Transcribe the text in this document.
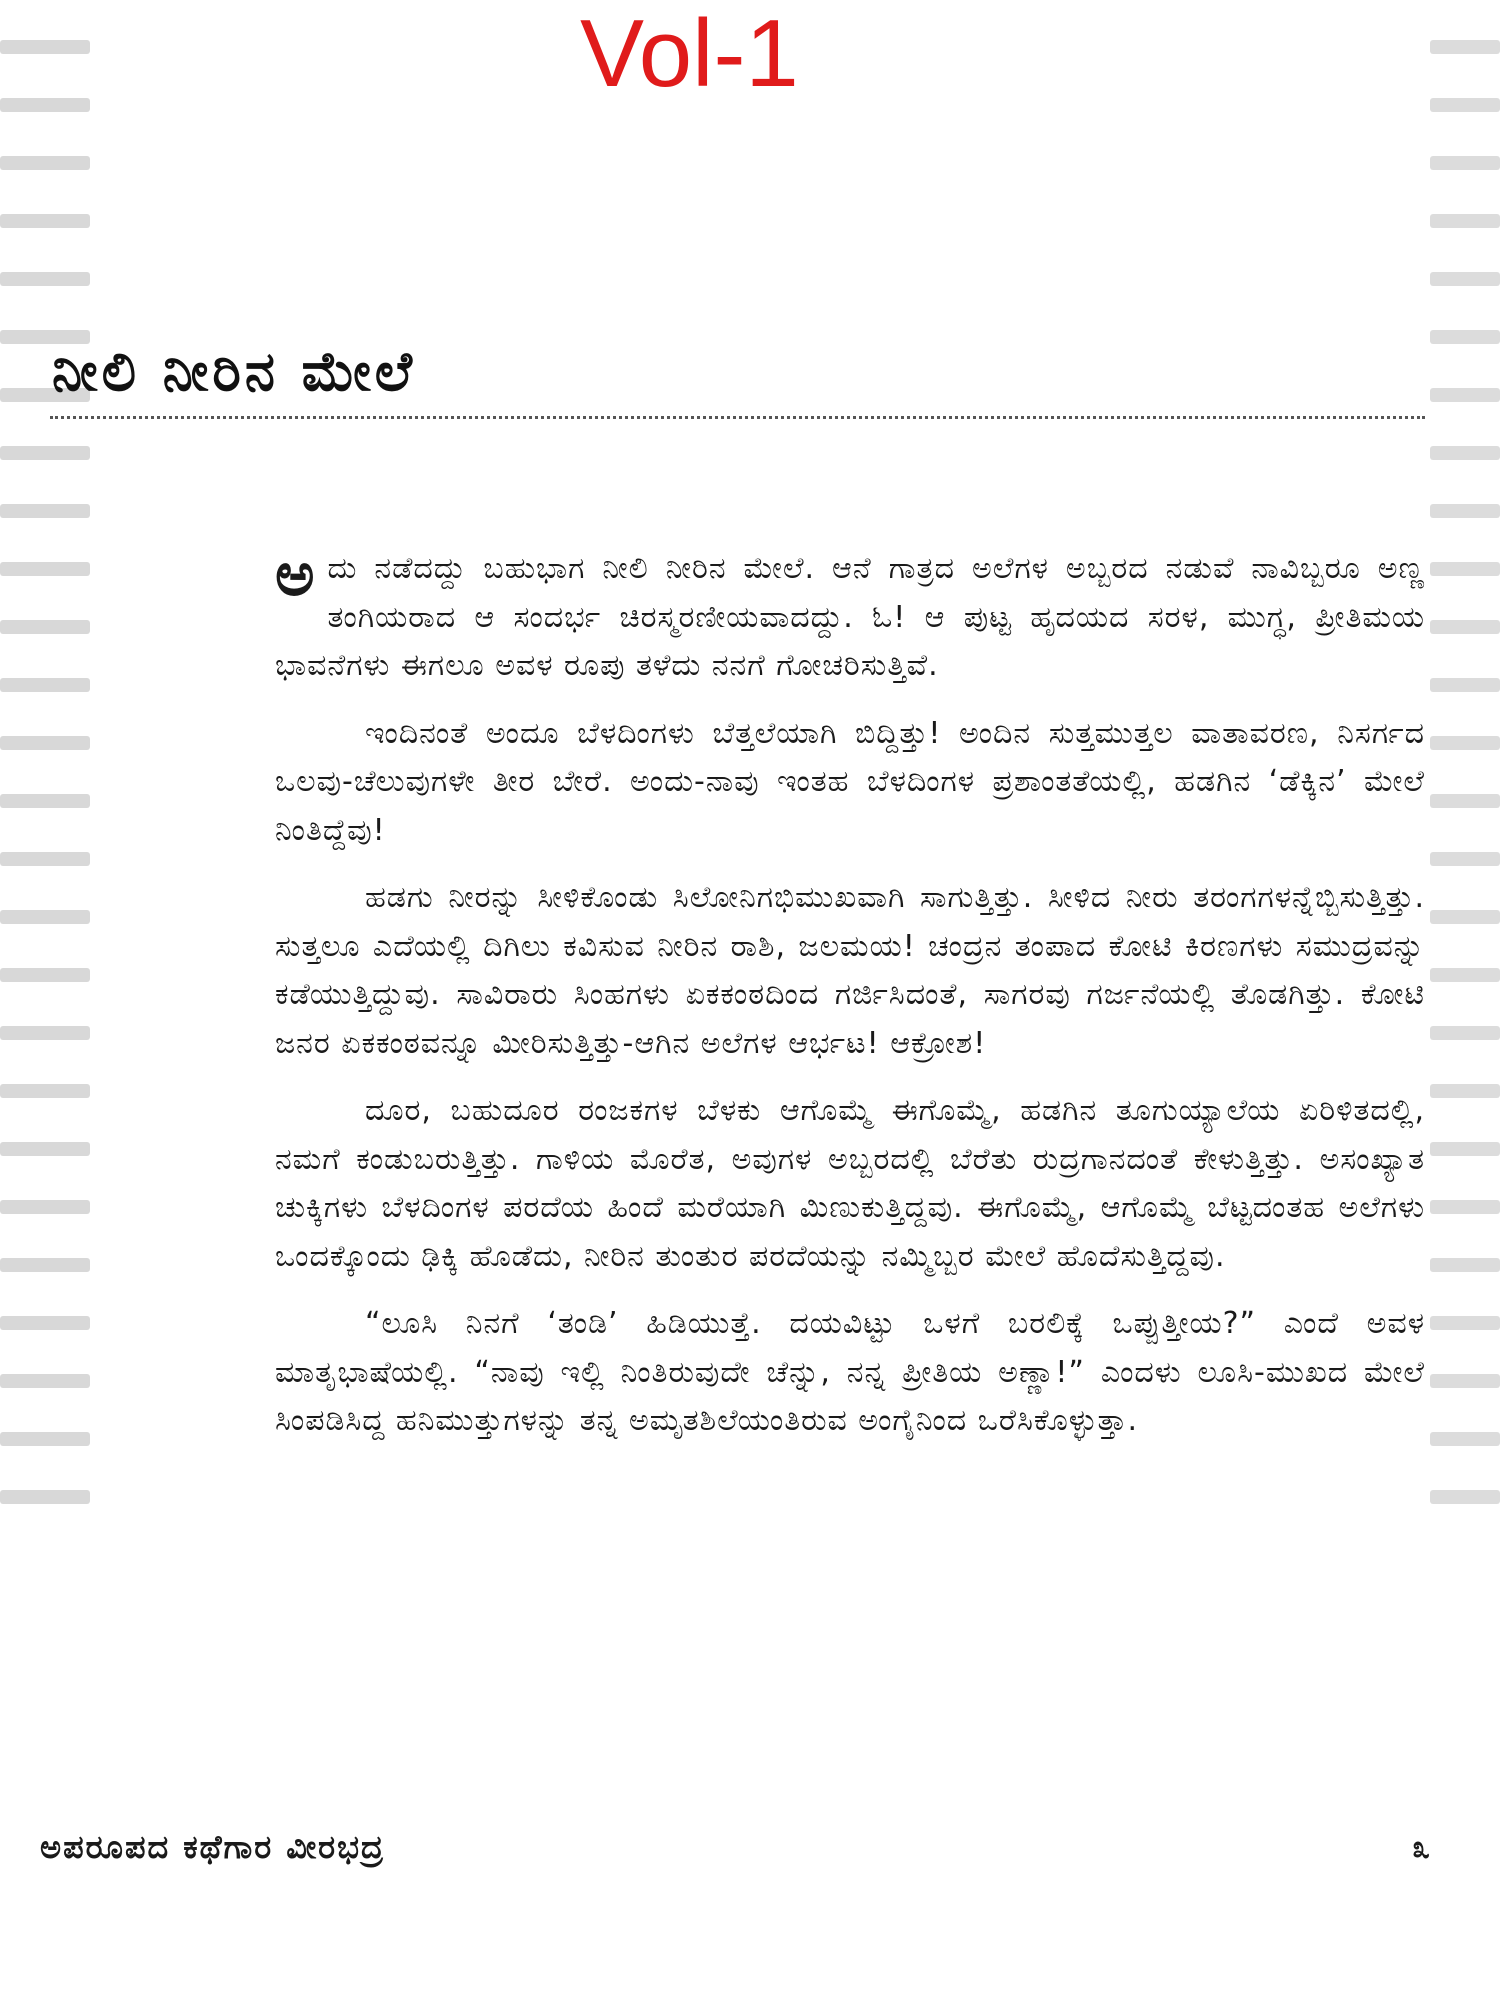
Vol-1
ನೀಲಿ ನೀರಿನ ಮೇಲೆ

ಅದು ನಡೆದದ್ದು ಬಹುಭಾಗ ನೀಲಿ ನೀರಿನ ಮೇಲೆ. ಆನೆ ಗಾತ್ರದ ಅಲೆಗಳ ಅಬ್ಬರದ ನಡುವೆ ನಾವಿಬ್ಬರೂ ಅಣ್ಣ ತಂಗಿಯರಾದ ಆ ಸಂದರ್ಭ ಚಿರಸ್ಮರಣೀಯವಾದದ್ದು. ಓ! ಆ ಪುಟ್ಟ ಹೃದಯದ ಸರಳ, ಮುಗ್ಧ, ಪ್ರೀತಿಮಯ ಭಾವನೆಗಳು ಈಗಲೂ ಅವಳ ರೂಪು ತಳೆದು ನನಗೆ ಗೋಚರಿಸುತ್ತಿವೆ.

ಇಂದಿನಂತೆ ಅಂದೂ ಬೆಳದಿಂಗಳು ಬೆತ್ತಲೆಯಾಗಿ ಬಿದ್ದಿತ್ತು! ಅಂದಿನ ಸುತ್ತಮುತ್ತಲ ವಾತಾವರಣ, ನಿಸರ್ಗದ ಒಲವು-ಚೆಲುವುಗಳೇ ತೀರ ಬೇರೆ. ಅಂದು-ನಾವು ಇಂತಹ ಬೆಳದಿಂಗಳ ಪ್ರಶಾಂತತೆಯಲ್ಲಿ, ಹಡಗಿನ ‘ಡೆಕ್ಕಿನ’ ಮೇಲೆ ನಿಂತಿದ್ದೆವು!

ಹಡಗು ನೀರನ್ನು ಸೀಳಿಕೊಂಡು ಸಿಲೋನಿಗಭಿಮುಖವಾಗಿ ಸಾಗುತ್ತಿತ್ತು. ಸೀಳಿದ ನೀರು ತರಂಗಗಳನ್ನೆಬ್ಬಿಸುತ್ತಿತ್ತು. ಸುತ್ತಲೂ ಎದೆಯಲ್ಲಿ ದಿಗಿಲು ಕವಿಸುವ ನೀರಿನ ರಾಶಿ, ಜಲಮಯ! ಚಂದ್ರನ ತಂಪಾದ ಕೋಟಿ ಕಿರಣಗಳು ಸಮುದ್ರವನ್ನು ಕಡೆಯುತ್ತಿದ್ದುವು. ಸಾವಿರಾರು ಸಿಂಹಗಳು ಏಕಕಂಠದಿಂದ ಗರ್ಜಿಸಿದಂತೆ, ಸಾಗರವು ಗರ್ಜನೆಯಲ್ಲಿ ತೊಡಗಿತ್ತು. ಕೋಟಿ ಜನರ ಏಕಕಂಠವನ್ನೂ ಮೀರಿಸುತ್ತಿತ್ತು-ಆಗಿನ ಅಲೆಗಳ ಆರ್ಭಟ! ಆಕ್ರೋಶ!

ದೂರ, ಬಹುದೂರ ರಂಜಕಗಳ ಬೆಳಕು ಆಗೊಮ್ಮೆ ಈಗೊಮ್ಮೆ, ಹಡಗಿನ ತೂಗುಯ್ಯಾಲೆಯ ಏರಿಳಿತದಲ್ಲಿ, ನಮಗೆ ಕಂಡುಬರುತ್ತಿತ್ತು. ಗಾಳಿಯ ಮೊರೆತ, ಅವುಗಳ ಅಬ್ಬರದಲ್ಲಿ ಬೆರೆತು ರುದ್ರಗಾನದಂತೆ ಕೇಳುತ್ತಿತ್ತು. ಅಸಂಖ್ಯಾತ ಚುಕ್ಕಿಗಳು ಬೆಳದಿಂಗಳ ಪರದೆಯ ಹಿಂದೆ ಮರೆಯಾಗಿ ಮಿಣುಕುತ್ತಿದ್ದವು. ಈಗೊಮ್ಮೆ, ಆಗೊಮ್ಮೆ ಬೆಟ್ಟದಂತಹ ಅಲೆಗಳು ಒಂದಕ್ಕೊಂದು ಢಿಕ್ಕಿ ಹೊಡೆದು, ನೀರಿನ ತುಂತುರ ಪರದೆಯನ್ನು ನಮ್ಮಿಬ್ಬರ ಮೇಲೆ ಹೊದೆಸುತ್ತಿದ್ದವು.

“ಲೂಸಿ ನಿನಗೆ ‘ತಂಡಿ’ ಹಿಡಿಯುತ್ತೆ. ದಯವಿಟ್ಟು ಒಳಗೆ ಬರಲಿಕ್ಕೆ ಒಪ್ಪುತ್ತೀಯ?” ಎಂದೆ ಅವಳ ಮಾತೃಭಾಷೆಯಲ್ಲಿ. “ನಾವು ಇಲ್ಲಿ ನಿಂತಿರುವುದೇ ಚೆನ್ನು, ನನ್ನ ಪ್ರೀತಿಯ ಅಣ್ಣಾ!” ಎಂದಳು ಲೂಸಿ-ಮುಖದ ಮೇಲೆ ಸಿಂಪಡಿಸಿದ್ದ ಹನಿಮುತ್ತುಗಳನ್ನು ತನ್ನ ಅಮೃತಶಿಲೆಯಂತಿರುವ ಅಂಗೈನಿಂದ ಒರೆಸಿಕೊಳ್ಳುತ್ತಾ.

ಅಪರೂಪದ ಕಥೆಗಾರ ವೀರಭದ್ರ	೩
